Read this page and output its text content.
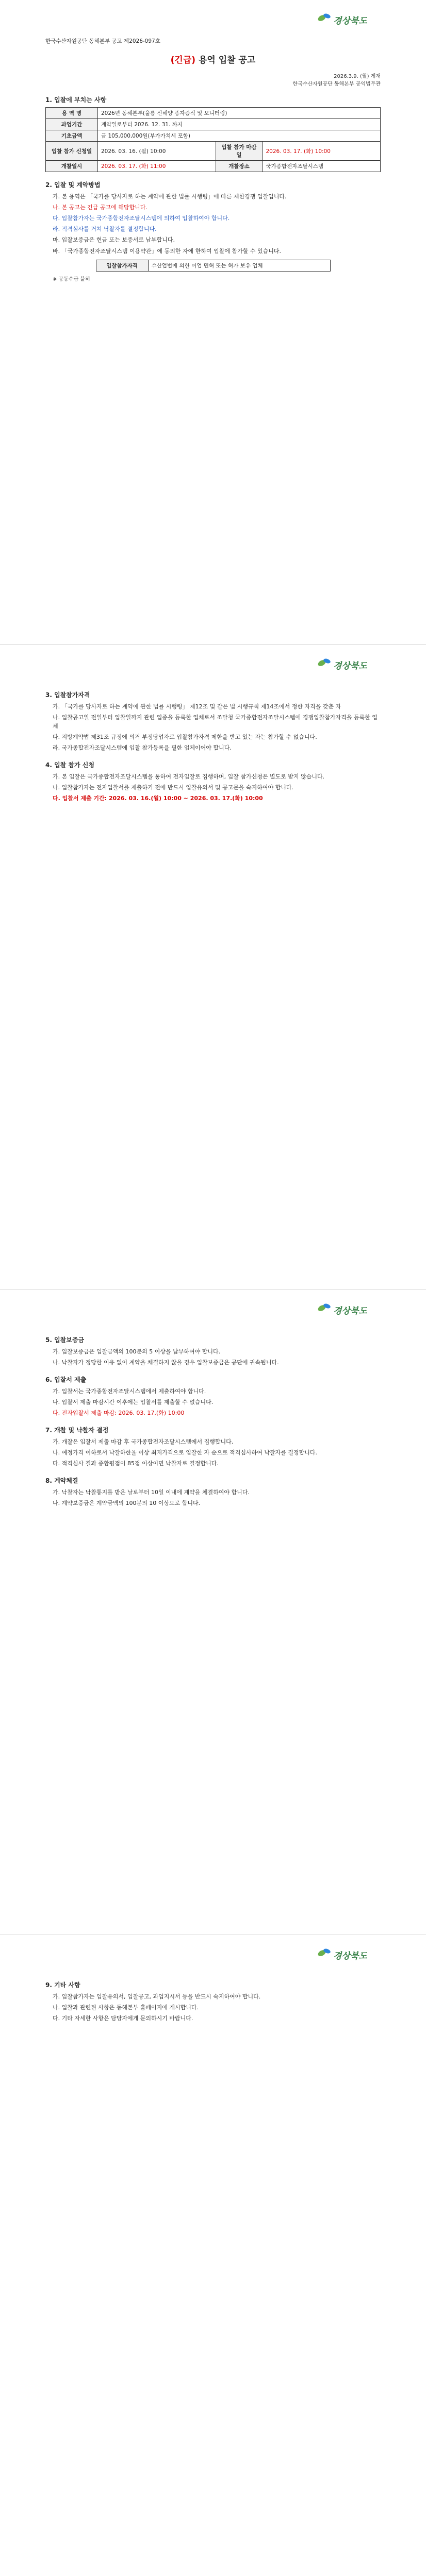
경상북도
한국수산자원공단 동해본부 공고 제2026-097호
(긴급) 용역 입찰 공고
2026.3.9. (월) 게재
한국수산자원공단 동해본부 공익법무관
1. 입찰에 부치는 사항
용 역 명	2026년 동해본부(울릉 신해양 종자증식 및 모니터링)		
과업기간	계약일로부터 2026. 12. 31. 까지		
기초금액	금 105,000,000원(부가가치세 포함)		
입찰 참가 신청일	2026. 03. 16. (월) 10:00	입찰 참가 마감일	2026. 03. 17. (화) 10:00
개찰일시	2026. 03. 17. (화) 11:00	개찰장소	국가종합전자조달시스템
2. 입찰 및 계약방법
가. 본 용역은 「국가를 당사자로 하는 계약에 관한 법률 시행령」에 따른 제한경쟁 입찰입니다.
나. 본 공고는 긴급 공고에 해당합니다.
다. 입찰참가자는 국가종합전자조달시스템에 의하여 입찰하여야 합니다.
라. 적격심사를 거쳐 낙찰자를 결정합니다.
마. 입찰보증금은 현금 또는 보증서로 납부합니다.
바. 「국가종합전자조달시스템 이용약관」에 동의한 자에 한하여 입찰에 참가할 수 있습니다.
입찰참가자격	수산업법에 의한 어업 면허 또는 허가 보유 업체
※ 공동수급 불허
경상북도
3. 입찰참가자격
가. 「국가를 당사자로 하는 계약에 관한 법률 시행령」 제12조 및 같은 법 시행규칙 제14조에서 정한 자격을 갖춘 자
나. 입찰공고일 전일부터 입찰일까지 관련 업종을 등록한 업체로서 조달청 국가종합전자조달시스템에 경쟁입찰참가자격을 등록한 업체
다. 지방계약법 제31조 규정에 의거 부정당업자로 입찰참가자격 제한을 받고 있는 자는 참가할 수 없습니다.
라. 국가종합전자조달시스템에 입찰 참가등록을 필한 업체이어야 합니다.
4. 입찰 참가 신청
가. 본 입찰은 국가종합전자조달시스템을 통하여 전자입찰로 집행하며, 입찰 참가신청은 별도로 받지 않습니다.
나. 입찰참가자는 전자입찰서를 제출하기 전에 반드시 입찰유의서 및 공고문을 숙지하여야 합니다.
다. 입찰서 제출 기간: 2026. 03. 16.(월) 10:00 ~ 2026. 03. 17.(화) 10:00
경상북도
5. 입찰보증금
가. 입찰보증금은 입찰금액의 100분의 5 이상을 납부하여야 합니다.
나. 낙찰자가 정당한 이유 없이 계약을 체결하지 않을 경우 입찰보증금은 공단에 귀속됩니다.
6. 입찰서 제출
가. 입찰서는 국가종합전자조달시스템에서 제출하여야 합니다.
나. 입찰서 제출 마감시간 이후에는 입찰서를 제출할 수 없습니다.
다. 전자입찰서 제출 마감: 2026. 03. 17.(화) 10:00
7. 개찰 및 낙찰자 결정
가. 개찰은 입찰서 제출 마감 후 국가종합전자조달시스템에서 집행합니다.
나. 예정가격 이하로서 낙찰하한율 이상 최저가격으로 입찰한 자 순으로 적격심사하여 낙찰자를 결정합니다.
다. 적격심사 결과 종합평점이 85점 이상이면 낙찰자로 결정합니다.
8. 계약체결
가. 낙찰자는 낙찰통지를 받은 날로부터 10일 이내에 계약을 체결하여야 합니다.
나. 계약보증금은 계약금액의 100분의 10 이상으로 합니다.
경상북도
9. 기타 사항
가. 입찰참가자는 입찰유의서, 입찰공고, 과업지시서 등을 반드시 숙지하여야 합니다.
나. 입찰과 관련된 사항은 동해본부 홈페이지에 게시합니다.
다. 기타 자세한 사항은 담당자에게 문의하시기 바랍니다.
